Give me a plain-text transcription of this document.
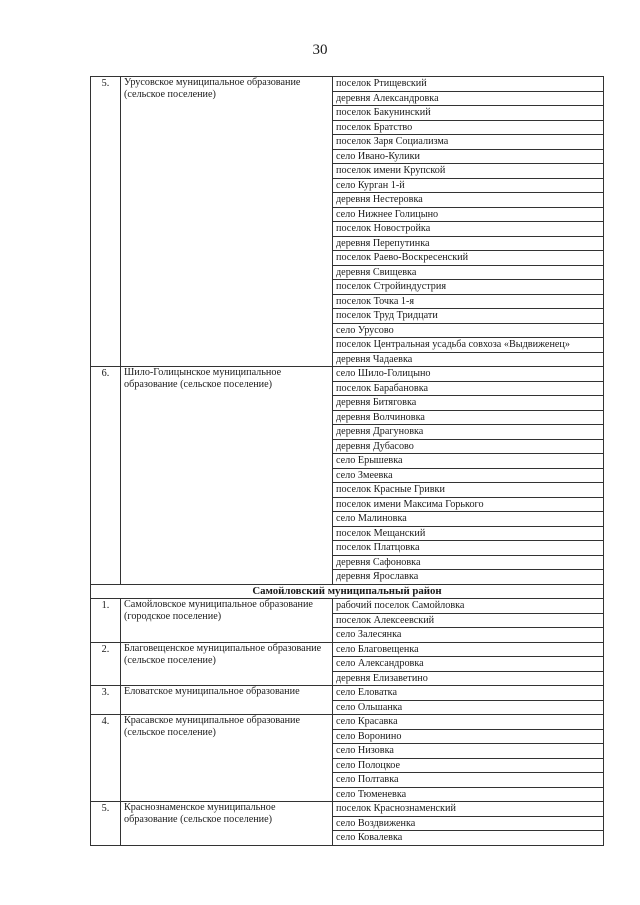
30
5.	Урусовское муниципальное образование (сельское поселение)	поселок Ртищевский
		деревня Александровка
		поселок Бакунинский
		поселок Братство
		поселок Заря Социализма
		село Ивано-Кулики
		поселок имени Крупской
		село Курган 1-й
		деревня Нестеровка
		село Нижнее Голицыно
		поселок Новостройка
		деревня Перепутинка
		поселок Раево-Воскресенский
		деревня Свищевка
		поселок Стройиндустрия
		поселок Точка 1-я
		поселок Труд Тридцати
		село Урусово
		поселок Центральная усадьба совхоза «Выдвиженец»
		деревня Чадаевка
6.	Шило-Голицынское муниципальное образование (сельское поселение)	село Шило-Голицыно
		поселок Барабановка
		деревня Битяговка
		деревня Волчиновка
		деревня Драгуновка
		деревня Дубасово
		село Ерышевка
		село Змеевка
		поселок Красные Гривки
		поселок имени Максима Горького
		село Малиновка
		поселок Мещанский
		поселок Платцовка
		деревня Сафоновка
		деревня Ярославка
Самойловский муниципальный район		
1.	Самойловское муниципальное образование (городское поселение)	рабочий поселок Самойловка
		поселок Алексеевский
		село Залесянка
2.	Благовещенское муниципальное образование (сельское поселение)	село Благовещенка
		село Александровка
		деревня Елизаветино
3.	Еловатское муниципальное образование	село Еловатка
		село Ольшанка
4.	Красавское муниципальное образование (сельское поселение)	село Красавка
		село Воронино
		село Низовка
		село Полоцкое
		село Полтавка
		село Тюменевка
5.	Краснознаменское муниципальное образование (сельское поселение)	поселок Краснознаменский
		село Воздвиженка
		село Ковалевка
